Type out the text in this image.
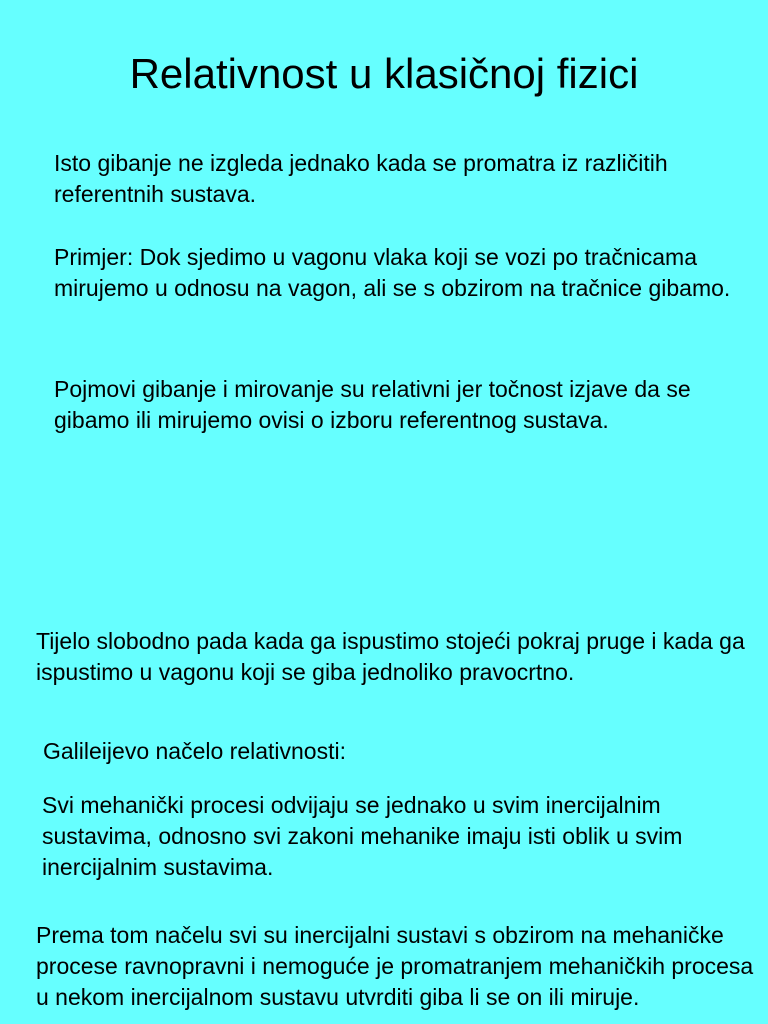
Relativnost u klasičnoj fizici

Isto gibanje ne izgleda jednako kada se promatra iz različitih referentnih sustava.

Primjer: Dok sjedimo u vagonu vlaka koji se vozi po tračnicama mirujemo u odnosu na vagon, ali se s obzirom na tračnice gibamo.

Pojmovi gibanje i mirovanje su relativni jer točnost izjave da se gibamo ili mirujemo ovisi o izboru referentnog sustava.

Tijelo slobodno pada kada ga ispustimo stojeći pokraj pruge i kada ga ispustimo u vagonu koji se giba jednoliko pravocrtno.

Galileijevo načelo relativnosti:

Svi mehanički procesi odvijaju se jednako u svim inercijalnim sustavima, odnosno svi zakoni mehanike imaju isti oblik u svim inercijalnim sustavima.

Prema tom načelu svi su inercijalni sustavi s obzirom na mehaničke procese ravnopravni i nemoguće je promatranjem mehaničkih procesa u nekom inercijalnom sustavu utvrditi giba li se on ili miruje.
